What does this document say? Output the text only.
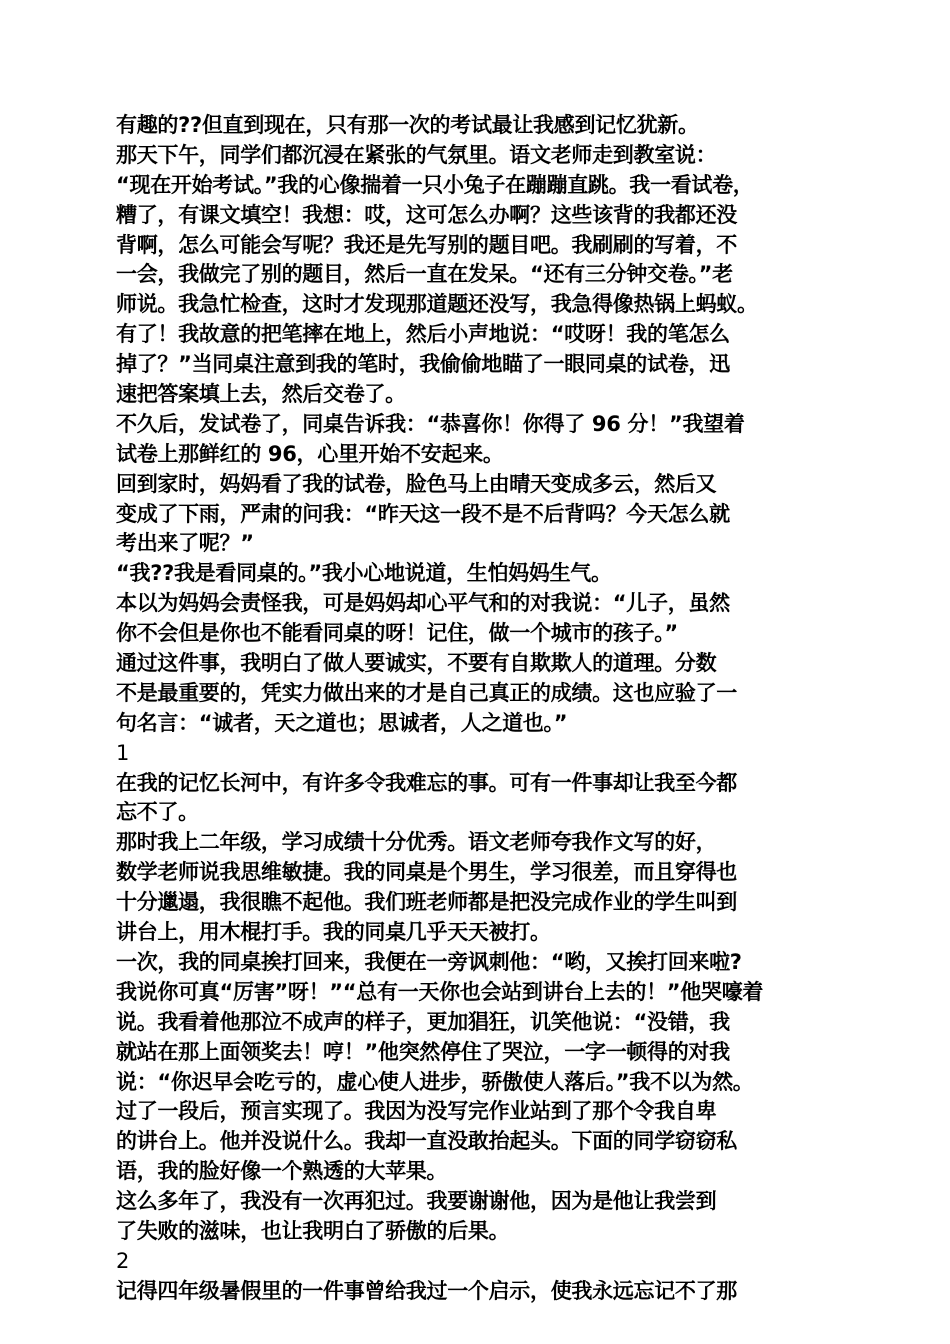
有趣的??但直到现在，只有那一次的考试最让我感到记忆犹新。
那天下午，同学们都沉浸在紧张的气氛里。语文老师走到教室说：
“现在开始考试。”我的心像揣着一只小兔子在蹦蹦直跳。我一看试卷，
糟了，有课文填空！我想：哎，这可怎么办啊？这些该背的我都还没
背啊，怎么可能会写呢？我还是先写别的题目吧。我刷刷的写着，不
一会，我做完了别的题目，然后一直在发呆。“还有三分钟交卷。”老
师说。我急忙检查，这时才发现那道题还没写，我急得像热锅上蚂蚁。
有了！我故意的把笔摔在地上，然后小声地说：“哎呀！我的笔怎么
掉了？”当同桌注意到我的笔时，我偷偷地瞄了一眼同桌的试卷，迅
速把答案填上去，然后交卷了。
不久后，发试卷了，同桌告诉我：“恭喜你！你得了 96 分！”我望着
试卷上那鲜红的 96，心里开始不安起来。
回到家时，妈妈看了我的试卷，脸色马上由晴天变成多云，然后又
变成了下雨，严肃的问我：“昨天这一段不是不后背吗？今天怎么就
考出来了呢？”
“我??我是看同桌的。”我小心地说道，生怕妈妈生气。
本以为妈妈会责怪我，可是妈妈却心平气和的对我说：“儿子，虽然
你不会但是你也不能看同桌的呀！记住，做一个城市的孩子。”
通过这件事，我明白了做人要诚实，不要有自欺欺人的道理。分数
不是最重要的，凭实力做出来的才是自己真正的成绩。这也应验了一
句名言：“诚者，天之道也；思诚者，人之道也。”
1
在我的记忆长河中，有许多令我难忘的事。可有一件事却让我至今都
忘不了。
那时我上二年级，学习成绩十分优秀。语文老师夸我作文写的好，
数学老师说我思维敏捷。我的同桌是个男生，学习很差，而且穿得也
十分邋遢，我很瞧不起他。我们班老师都是把没完成作业的学生叫到
讲台上，用木棍打手。我的同桌几乎天天被打。
一次，我的同桌挨打回来，我便在一旁讽刺他：“哟，又挨打回来啦?
我说你可真“厉害”呀！”“总有一天你也会站到讲台上去的！”他哭嚎着
说。我看着他那泣不成声的样子，更加猖狂，讥笑他说：“没错，我
就站在那上面领奖去！哼！”他突然停住了哭泣，一字一顿得的对我
说：“你迟早会吃亏的，虚心使人进步，骄傲使人落后。”我不以为然。
过了一段后，预言实现了。我因为没写完作业站到了那个令我自卑
的讲台上。他并没说什么。我却一直没敢抬起头。下面的同学窃窃私
语，我的脸好像一个熟透的大苹果。
这么多年了，我没有一次再犯过。我要谢谢他，因为是他让我尝到
了失败的滋味，也让我明白了骄傲的后果。
2
记得四年级暑假里的一件事曾给我过一个启示，使我永远忘记不了那
